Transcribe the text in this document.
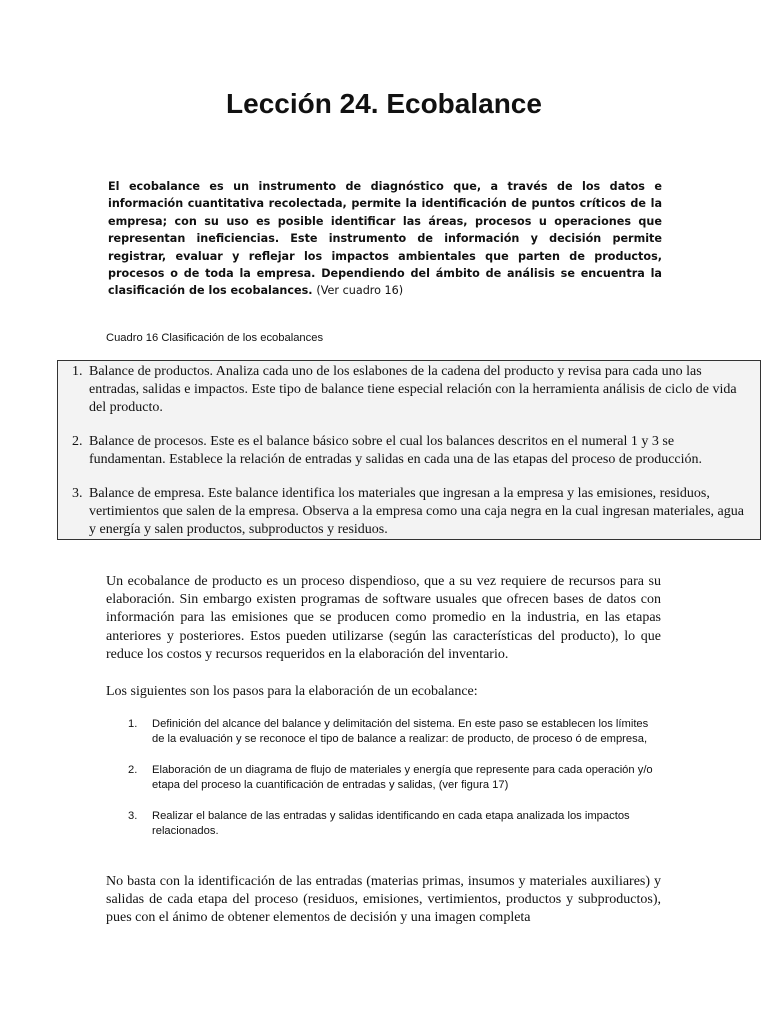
Lección 24. Ecobalance

El ecobalance es un instrumento de diagnóstico que, a través de los datos e información cuantitativa recolectada, permite la identificación de puntos críticos de la empresa; con su uso es posible identificar las áreas, procesos u operaciones que representan ineficiencias. Este instrumento de información y decisión permite registrar, evaluar y reflejar los impactos ambientales que parten de productos, procesos o de toda la empresa. Dependiendo del ámbito de análisis se encuentra la clasificación de los ecobalances. (Ver cuadro 16)

Cuadro 16 Clasificación de los ecobalances

1. Balance de productos. Analiza cada uno de los eslabones de la cadena del producto y revisa para cada uno las entradas, salidas e impactos. Este tipo de balance tiene especial relación con la herramienta análisis de ciclo de vida del producto.
2. Balance de procesos. Este es el balance básico sobre el cual los balances descritos en el numeral 1 y 3 se fundamentan. Establece la relación de entradas y salidas en cada una de las etapas del proceso de producción.
3. Balance de empresa. Este balance identifica los materiales que ingresan a la empresa y las emisiones, residuos, vertimientos que salen de la empresa. Observa a la empresa como una caja negra en la cual ingresan materiales, agua y energía y salen productos, subproductos y residuos.

Un ecobalance de producto es un proceso dispendioso, que a su vez requiere de recursos para su elaboración. Sin embargo existen programas de software usuales que ofrecen bases de datos con información para las emisiones que se producen como promedio en la industria, en las etapas anteriores y posteriores. Estos pueden utilizarse (según las características del producto), lo que reduce los costos y recursos requeridos en la elaboración del inventario.

Los siguientes son los pasos para la elaboración de un ecobalance:

1. Definición del alcance del balance y delimitación del sistema. En este paso se establecen los límites de la evaluación y se reconoce el tipo de balance a realizar: de producto, de proceso ó de empresa,
2. Elaboración de un diagrama de flujo de materiales y energía que represente para cada operación y/o etapa del proceso la cuantificación de entradas y salidas, (ver figura 17)
3. Realizar el balance de las entradas y salidas identificando en cada etapa analizada los impactos relacionados.

No basta con la identificación de las entradas (materias primas, insumos y materiales auxiliares) y salidas de cada etapa del proceso (residuos, emisiones, vertimientos, productos y subproductos), pues con el ánimo de obtener elementos de decisión y una imagen completa
